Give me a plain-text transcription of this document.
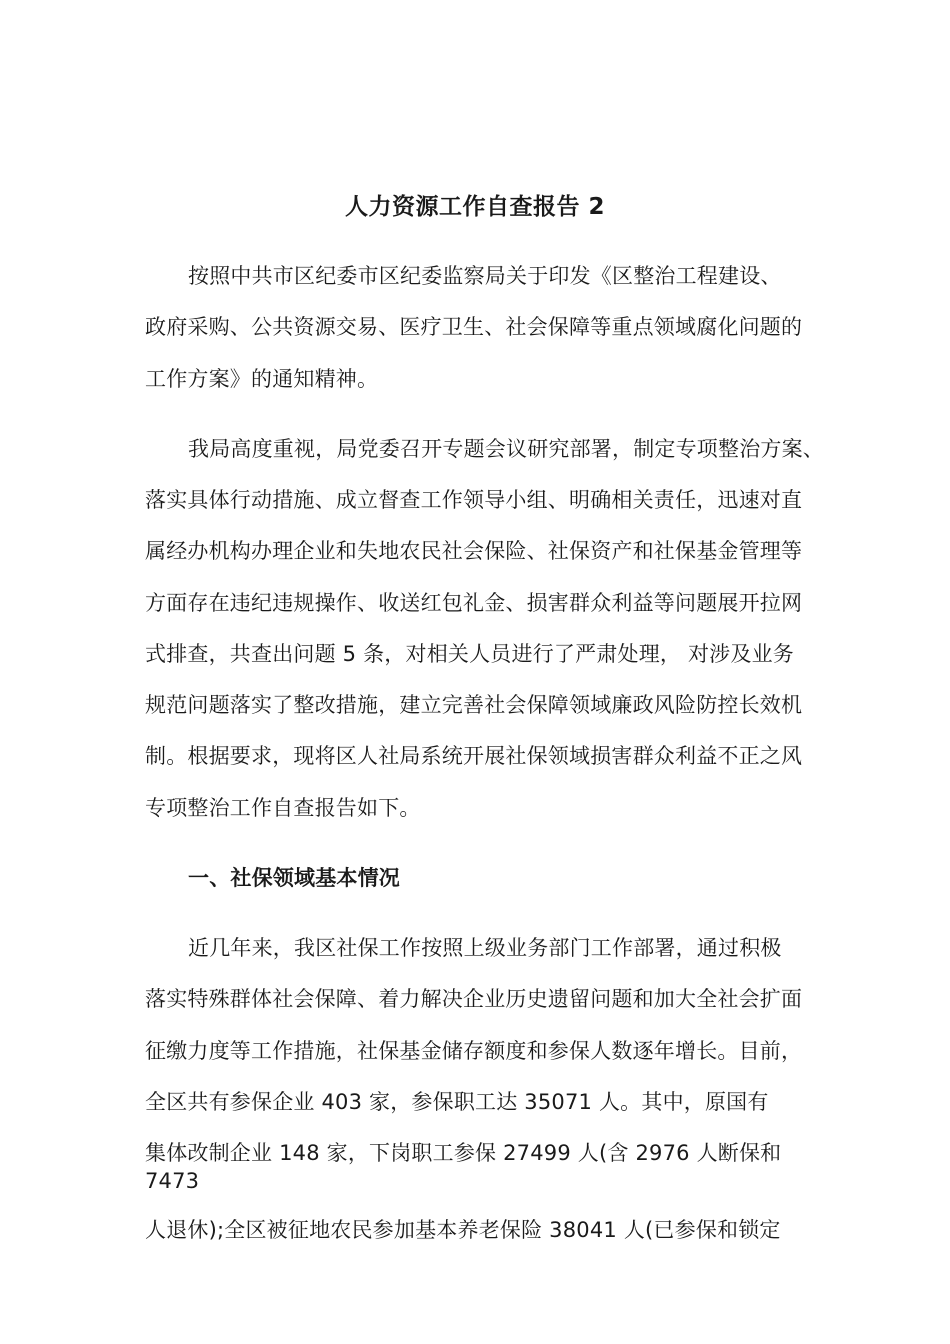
人力资源工作自查报告 2
按照中共市区纪委市区纪委监察局关于印发《区整治工程建设、
政府采购、公共资源交易、医疗卫生、社会保障等重点领域腐化问题的
工作方案》的通知精神。
我局高度重视，局党委召开专题会议研究部署，制定专项整治方案、
落实具体行动措施、成立督查工作领导小组、明确相关责任，迅速对直
属经办机构办理企业和失地农民社会保险、社保资产和社保基金管理等
方面存在违纪违规操作、收送红包礼金、损害群众利益等问题展开拉网
式排查，共查出问题 5 条，对相关人员进行了严肃处理， 对涉及业务
规范问题落实了整改措施，建立完善社会保障领域廉政风险防控长效机
制。根据要求，现将区人社局系统开展社保领域损害群众利益不正之风
专项整治工作自查报告如下。
一、社保领域基本情况
近几年来，我区社保工作按照上级业务部门工作部署，通过积极
落实特殊群体社会保障、着力解决企业历史遗留问题和加大全社会扩面
征缴力度等工作措施，社保基金储存额度和参保人数逐年增长。目前，
全区共有参保企业 403 家，参保职工达 35071 人。其中，原国有
集体改制企业 148 家，下岗职工参保 27499 人(含 2976 人断保和
7473
人退休);全区被征地农民参加基本养老保险 38041 人(已参保和锁定
